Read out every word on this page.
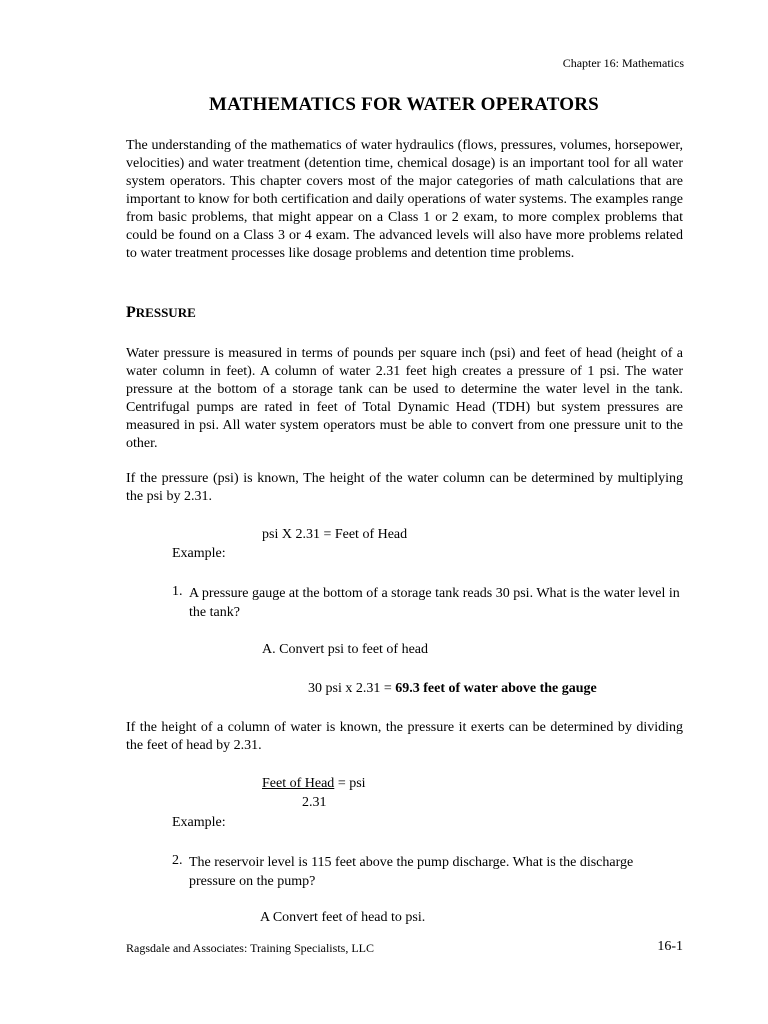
Chapter 16: Mathematics
MATHEMATICS FOR WATER OPERATORS
The understanding of the mathematics of water hydraulics (flows, pressures, volumes, horsepower, velocities) and water treatment (detention time, chemical dosage) is an important tool for all water system operators. This chapter covers most of the major categories of math calculations that are important to know for both certification and daily operations of water systems. The examples range from basic problems, that might appear on a Class 1 or 2 exam, to more complex problems that could be found on a Class 3 or 4 exam. The advanced levels will also have more problems related to water treatment processes like dosage problems and detention time problems.
PRESSURE
Water pressure is measured in terms of pounds per square inch (psi) and feet of head (height of a water column in feet). A column of water 2.31 feet high creates a pressure of 1 psi. The water pressure at the bottom of a storage tank can be used to determine the water level in the tank. Centrifugal pumps are rated in feet of Total Dynamic Head (TDH) but system pressures are measured in psi. All water system operators must be able to convert from one pressure unit to the other.
If the pressure (psi) is known, The height of the water column can be determined by multiplying the psi by 2.31.
psi X 2.31 = Feet of Head
Example:
1. A pressure gauge at the bottom of a storage tank reads 30 psi. What is the water level in the tank?
A. Convert psi to feet of head
30 psi x 2.31 = 69.3 feet of water above the gauge
If the height of a column of water is known, the pressure it exerts can be determined by dividing the feet of head by 2.31.
Feet of Head = psi
2.31
Example:
2. The reservoir level is 115 feet above the pump discharge. What is the discharge pressure on the pump?
A Convert feet of head to psi.
Ragsdale and Associates: Training Specialists, LLC	16-1
